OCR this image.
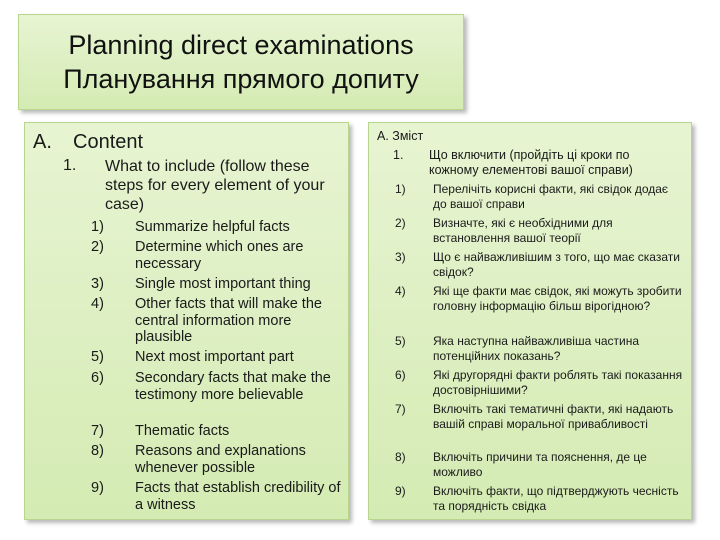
Planning direct examinations
Планування прямого допиту
A. Content
1. What to include (follow these steps for every element of your case)
1) Summarize helpful facts
2) Determine which ones are necessary
3) Single most important thing
4) Other facts that will make the central information more plausible
5) Next most important part
6) Secondary facts that make the testimony more believable
7) Thematic facts
8) Reasons and explanations whenever possible
9) Facts that establish credibility of a witness
A. Зміст
1. Що включити (пройдіть ці кроки по кожному елементові вашої справи)
1) Перелічіть корисні факти, які свідок додає до вашої справи
2) Визначте, які є необхідними для встановлення вашої теорії
3) Що є найважливішим з того, що має сказати свідок?
4) Які ще факти має свідок, які можуть зробити головну інформацію більш вірогідною?
5) Яка наступна найважливіша частина потенційних показань?
6) Які другорядні факти роблять такі показання достовірнішими?
7) Включіть такі тематичні факти, які надають вашій справі моральної привабливості
8) Включіть причини та пояснення, де це можливо
9) Включіть факти, що підтверджують чесність та порядність свідка
